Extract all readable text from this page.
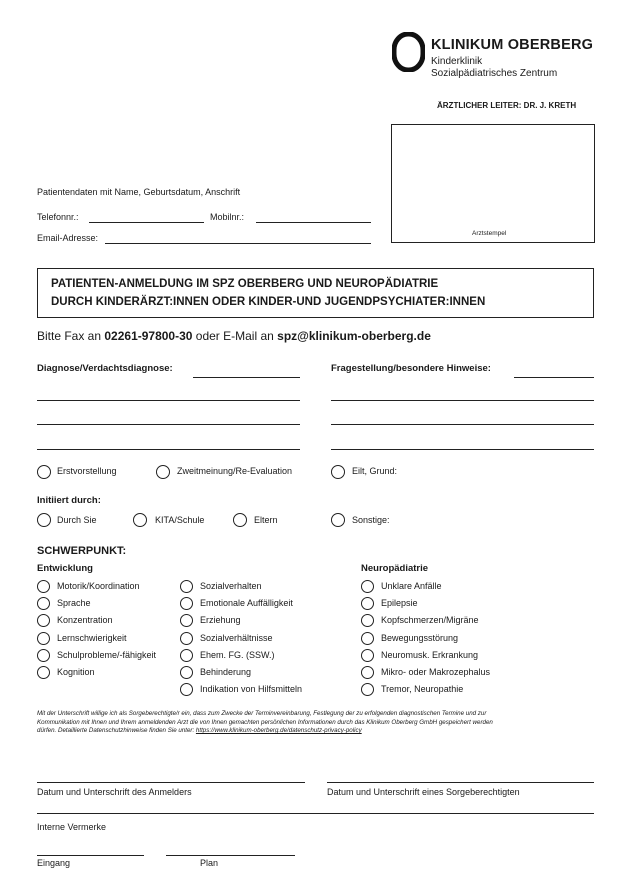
KLINIKUM OBERBERG
Kinderklinik
Sozialpädiatrisches Zentrum
ÄRZTLICHER LEITER: DR. J. KRETH
Arztstempel
Patientendaten mit Name, Geburtsdatum, Anschrift
Telefonnr.:	Mobilnr.:
Email-Adresse:
PATIENTEN-ANMELDUNG IM SPZ OBERBERG UND NEUROPÄDIATRIE
DURCH KINDERÄRZT:INNEN ODER KINDER-UND JUGENDPSYCHIATER:INNEN
Bitte Fax an 02261-97800-30 oder E-Mail an spz@klinikum-oberberg.de
Diagnose/Verdachtsdiagnose:	Fragestellung/besondere Hinweise:
Erstvorstellung	Zweitmeinung/Re-Evaluation	Eilt, Grund:
Initiiert durch:
Durch Sie	KITA/Schule	Eltern	Sonstige:
SCHWERPUNKT:
Entwicklung	Neuropädiatrie
Motorik/Koordination
Sprache
Konzentration
Lernschwierigkeit
Schulprobleme/-fähigkeit
Kognition
Sozialverhalten
Emotionale Auffälligkeit
Erziehung
Sozialverhältnisse
Ehem. FG. (SSW.)
Behinderung
Indikation von Hilfsmitteln
Unklare Anfälle
Epilepsie
Kopfschmerzen/Migräne
Bewegungsstörung
Neuromusk. Erkrankung
Mikro- oder Makrozephalus
Tremor, Neuropathie
Mit der Unterschrift willige ich als Sorgeberechtigte/r ein, dass zum Zwecke der Terminvereinbarung, Festlegung der zu erfolgenden diagnostischen Termine und zur
Kommunikation mit Ihnen und Ihrem anmeldenden Arzt die von Ihnen gemachten persönlichen Informationen durch das Klinikum Oberberg GmbH gespeichert werden
dürfen. Detaillierte Datenschutzhinweise finden Sie unter: https://www.klinikum-oberberg.de/datenschutz-privacy-policy
Datum und Unterschrift des Anmelders	Datum und Unterschrift eines Sorgeberechtigten
Interne Vermerke
Eingang	Plan
